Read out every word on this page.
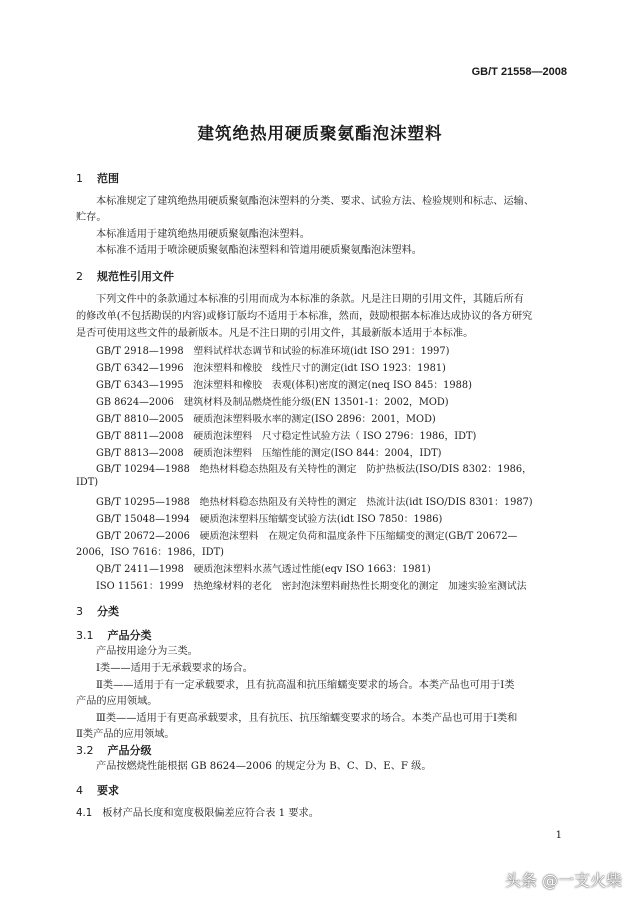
GB/T 21558—2008
建筑绝热用硬质聚氨酯泡沫塑料
1 范围
本标准规定了建筑绝热用硬质聚氨酯泡沫塑料的分类、要求、试验方法、检验规则和标志、运输、
贮存。
本标准适用于建筑绝热用硬质聚氨酯泡沫塑料。
本标准不适用于喷涂硬质聚氨酯泡沫塑料和管道用硬质聚氨酯泡沫塑料。
2 规范性引用文件
下列文件中的条款通过本标准的引用而成为本标准的条款。凡是注日期的引用文件，其随后所有
的修改单(不包括勘误的内容)或修订版均不适用于本标准，然而，鼓励根据本标准达成协议的各方研究
是否可使用这些文件的最新版本。凡是不注日期的引用文件，其最新版本适用于本标准。
GB/T 2918—1998　塑料试样状态调节和试验的标准环境(idt ISO 291：1997)
GB/T 6342—1996　泡沫塑料和橡胶　线性尺寸的测定(idt ISO 1923：1981)
GB/T 6343—1995　泡沫塑料和橡胶　表观(体积)密度的测定(neq ISO 845：1988)
GB 8624—2006　建筑材料及制品燃烧性能分级(EN 13501-1：2002，MOD)
GB/T 8810—2005　硬质泡沫塑料吸水率的测定(ISO 2896：2001，MOD)
GB/T 8811—2008　硬质泡沫塑料　尺寸稳定性试验方法（ ISO 2796：1986，IDT)
GB/T 8813—2008　硬质泡沫塑料　压缩性能的测定(ISO 844：2004，IDT)
GB/T 10294—1988　绝热材料稳态热阻及有关特性的测定　防护热板法(ISO/DIS 8302：1986，
IDT)
GB/T 10295—1988　绝热材料稳态热阻及有关特性的测定　热流计法(idt ISO/DIS 8301：1987)
GB/T 15048—1994　硬质泡沫塑料压缩蠕变试验方法(idt ISO 7850：1986)
GB/T 20672—2006　硬质泡沫塑料　在规定负荷和温度条件下压缩蠕变的测定(GB/T 20672—
2006，ISO 7616：1986，IDT)
QB/T 2411—1998　硬质泡沫塑料水蒸气透过性能(eqv ISO 1663：1981)
ISO 11561：1999　热绝缘材料的老化　密封泡沫塑料耐热性长期变化的测定　加速实验室测试法
3 分类
3.1 产品分类
产品按用途分为三类。
Ⅰ类——适用于无承载要求的场合。
Ⅱ类——适用于有一定承载要求，且有抗高温和抗压缩蠕变要求的场合。本类产品也可用于Ⅰ类
产品的应用领域。
Ⅲ类——适用于有更高承载要求，且有抗压、抗压缩蠕变要求的场合。本类产品也可用于Ⅰ类和
Ⅱ类产品的应用领域。
3.2 产品分级
产品按燃烧性能根据 GB 8624—2006 的规定分为 B、C、D、E、F 级。
4 要求
4.1 板材产品长度和宽度极限偏差应符合表 1 要求。
1
头条 @一支火柴
